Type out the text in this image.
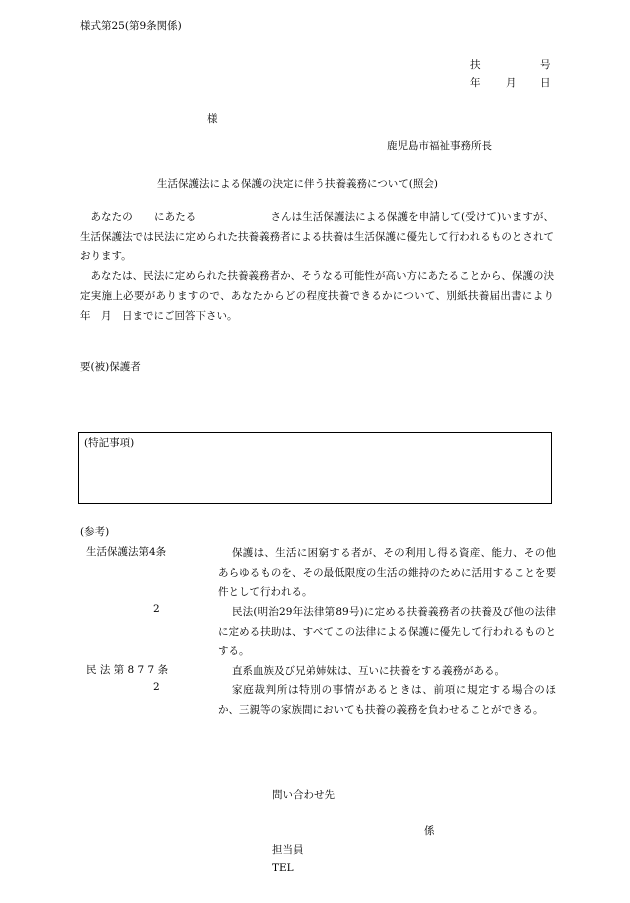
様式第25(第9条関係)
扶	号
年 月 日
様
鹿児島市福祉事務所長
生活保護法による保護の決定に伴う扶養義務について(照会)

あなたの　　にあたる　　　　　　　さんは生活保護法による保護を申請して(受けて)いますが、生活保護法では民法に定められた扶養義務者による扶養は生活保護に優先して行われるものとされております。

あなたは、民法に定められた扶養義務者か、そうなる可能性が高い方にあたることから、保護の決定実施上必要がありますので、あなたからどの程度扶養できるかについて、別紙扶養届出書により　　　年　月　日までにご回答下さい。

要(被)保護者
(特記事項)
(参考)
生活保護法第4条	保護は、生活に困窮する者が、その利用し得る資産、能力、その他あらゆるものを、その最低限度の生活の維持のために活用することを要件として行われる。
2	民法(明治29年法律第89号)に定める扶養義務者の扶養及び他の法律に定める扶助は、すべてこの法律による保護に優先して行われるものとする。
民 法 第 8 7 7 条	直系血族及び兄弟姉妹は、互いに扶養をする義務がある。
2	家庭裁判所は特別の事情があるときは、前項に規定する場合のほか、三親等の家族間においても扶養の義務を負わせることができる。
問い合わせ先
係
担当員
TEL
